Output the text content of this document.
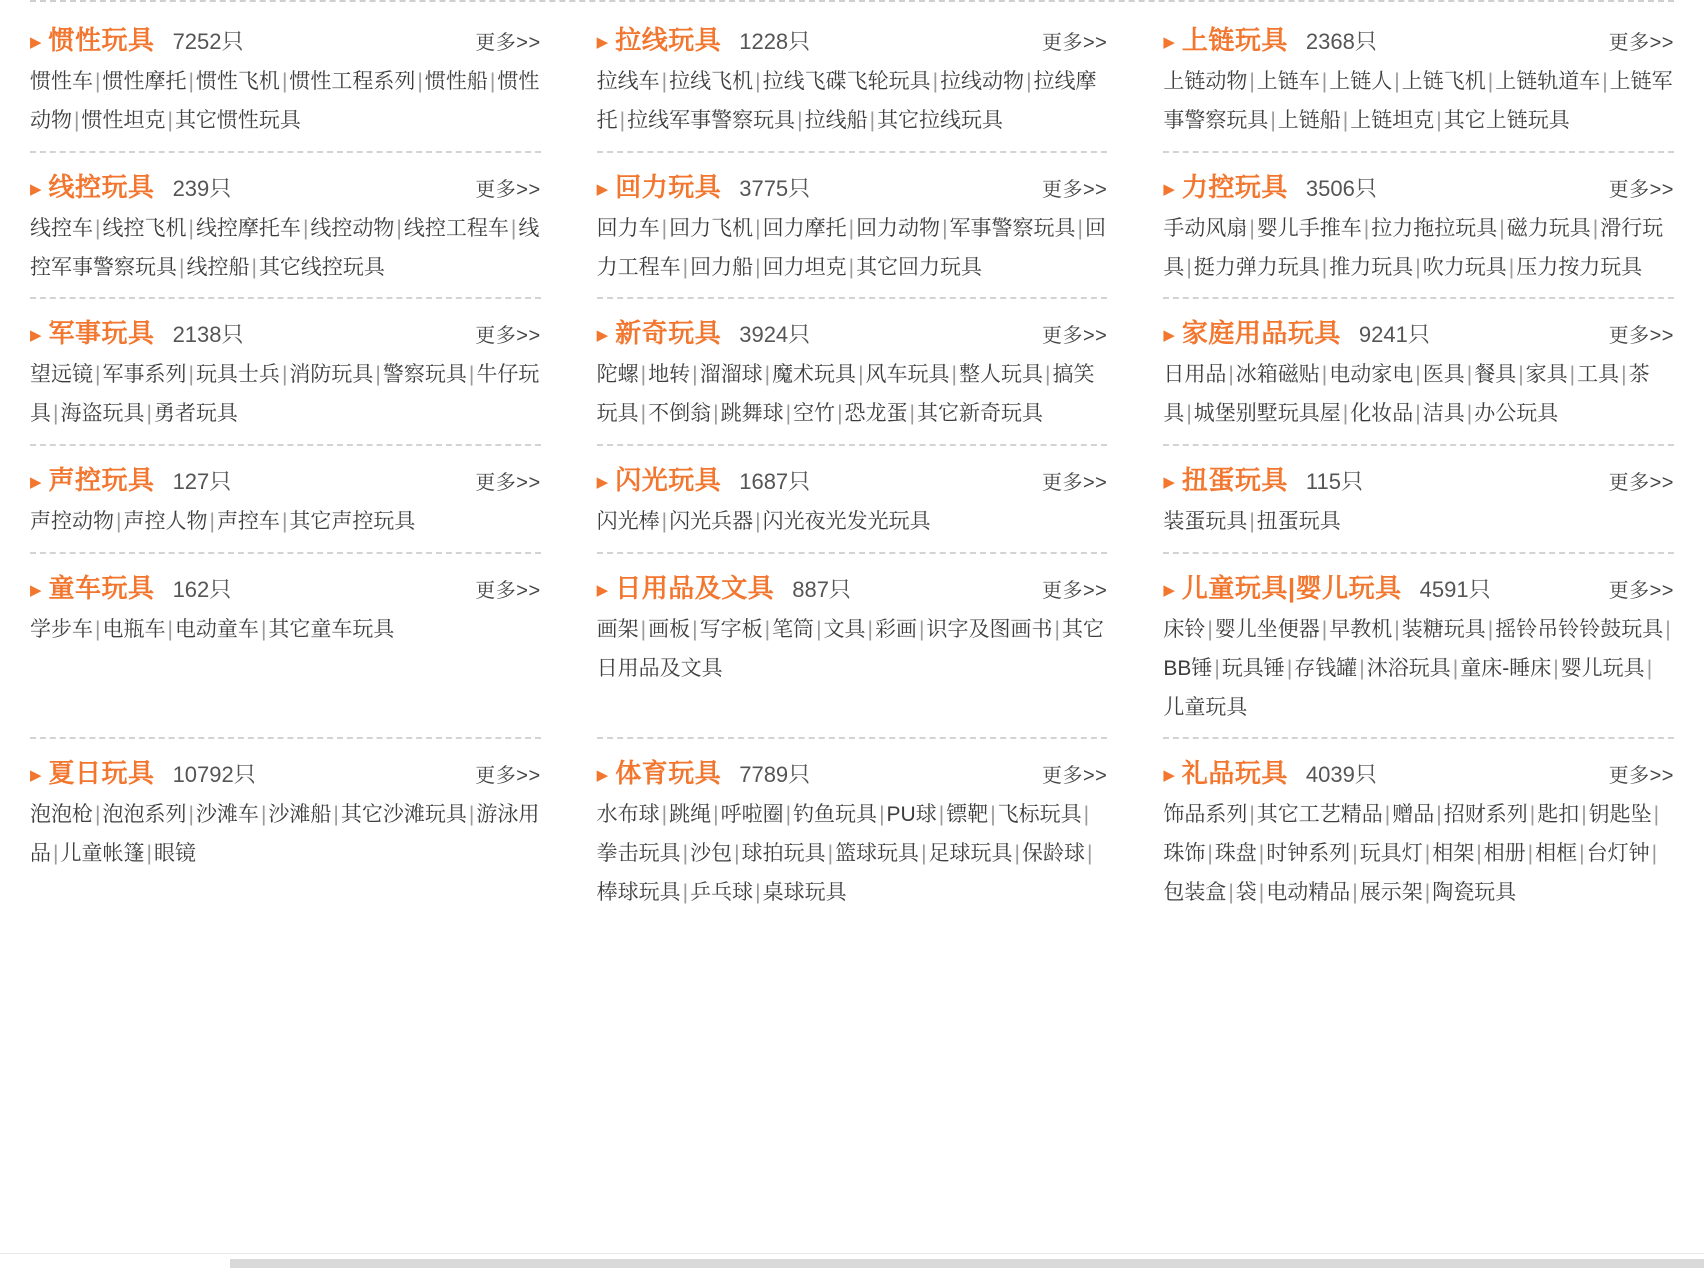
▶ 惯性玩具 7252只	更多>>
惯性车|惯性摩托|惯性飞机|惯性工程系列|惯性船|惯性动物|惯性坦克|其它惯性玩具
▶ 拉线玩具 1228只	更多>>
拉线车|拉线飞机|拉线飞碟飞轮玩具|拉线动物|拉线摩托|拉线军事警察玩具|拉线船|其它拉线玩具
▶ 上链玩具 2368只	更多>>
上链动物|上链车|上链人|上链飞机|上链轨道车|上链军事警察玩具|上链船|上链坦克|其它上链玩具
▶ 线控玩具 239只	更多>>
线控车|线控飞机|线控摩托车|线控动物|线控工程车|线控军事警察玩具|线控船|其它线控玩具
▶ 回力玩具 3775只	更多>>
回力车|回力飞机|回力摩托|回力动物|军事警察玩具|回力工程车|回力船|回力坦克|其它回力玩具
▶ 力控玩具 3506只	更多>>
手动风扇|婴儿手推车|拉力拖拉玩具|磁力玩具|滑行玩具|挺力弹力玩具|推力玩具|吹力玩具|压力按力玩具
▶ 军事玩具 2138只	更多>>
望远镜|军事系列|玩具士兵|消防玩具|警察玩具|牛仔玩具|海盗玩具|勇者玩具
▶ 新奇玩具 3924只	更多>>
陀螺|地转|溜溜球|魔术玩具|风车玩具|整人玩具|搞笑玩具|不倒翁|跳舞球|空竹|恐龙蛋|其它新奇玩具
▶ 家庭用品玩具 9241只	更多>>
日用品|冰箱磁贴|电动家电|医具|餐具|家具|工具|茶具|城堡别墅玩具屋|化妆品|洁具|办公玩具
▶ 声控玩具 127只	更多>>
声控动物|声控人物|声控车|其它声控玩具
▶ 闪光玩具 1687只	更多>>
闪光棒|闪光兵器|闪光夜光发光玩具
▶ 扭蛋玩具 115只	更多>>
装蛋玩具|扭蛋玩具
▶ 童车玩具 162只	更多>>
学步车|电瓶车|电动童车|其它童车玩具
▶ 日用品及文具 887只	更多>>
画架|画板|写字板|笔筒|文具|彩画|识字及图画书|其它日用品及文具
▶ 儿童玩具|婴儿玩具 4591只	更多>>
床铃|婴儿坐便器|早教机|装糖玩具|摇铃吊铃铃鼓玩具|BB锤|玩具锤|存钱罐|沐浴玩具|童床-睡床|婴儿玩具|儿童玩具
▶ 夏日玩具 10792只	更多>>
泡泡枪|泡泡系列|沙滩车|沙滩船|其它沙滩玩具|游泳用品|儿童帐篷|眼镜
▶ 体育玩具 7789只	更多>>
水布球|跳绳|呼啦圈|钓鱼玩具|PU球|镖靶|飞标玩具|拳击玩具|沙包|球拍玩具|篮球玩具|足球玩具|保龄球|棒球玩具|乒乓球|桌球玩具
▶ 礼品玩具 4039只	更多>>
饰品系列|其它工艺精品|赠品|招财系列|匙扣|钥匙坠|珠饰|珠盘|时钟系列|玩具灯|相架|相册|相框|台灯钟|包装盒|袋|电动精品|展示架|陶瓷玩具
